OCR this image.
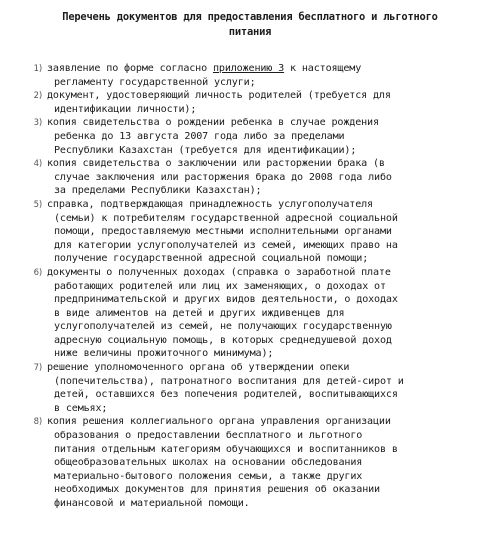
Перечень документов для предоставления бесплатного и льготного
питания
1) заявление по форме согласно приложению 3 к настоящему
регламенту государственной услуги;
2) документ, удостоверяющий личность родителей (требуется для
идентификации личности);
3) копия свидетельства о рождении ребенка в случае рождения
ребенка до 13 августа 2007 года либо за пределами
Республики Казахстан (требуется для идентификации);
4) копия свидетельства о заключении или расторжении брака (в
случае заключения или расторжения брака до 2008 года либо
за пределами Республики Казахстан);
5) справка, подтверждающая принадлежность услугополучателя
(семьи) к потребителям государственной адресной социальной
помощи, предоставляемую местными исполнительными органами
для категории услугополучателей из семей, имеющих право на
получение государственной адресной социальной помощи;
6) документы о полученных доходах (справка о заработной плате
работающих родителей или лиц их заменяющих, о доходах от
предпринимательской и других видов деятельности, о доходах
в виде алиментов на детей и других иждивенцев для
услугополучателей из семей, не получающих государственную
адресную социальную помощь, в которых среднедушевой доход
ниже величины прожиточного минимума);
7) решение уполномоченного органа об утверждении опеки
(попечительства), патронатного воспитания для детей-сирот и
детей, оставшихся без попечения родителей, воспитывающихся
в семьях;
8) копия решения коллегиального органа управления организации
образования о предоставлении бесплатного и льготного
питания отдельным категориям обучающихся и воспитанников в
общеобразовательных школах на основании обследования
материально-бытового положения семьи, а также других
необходимых документов для принятия решения об оказании
финансовой и материальной помощи.
